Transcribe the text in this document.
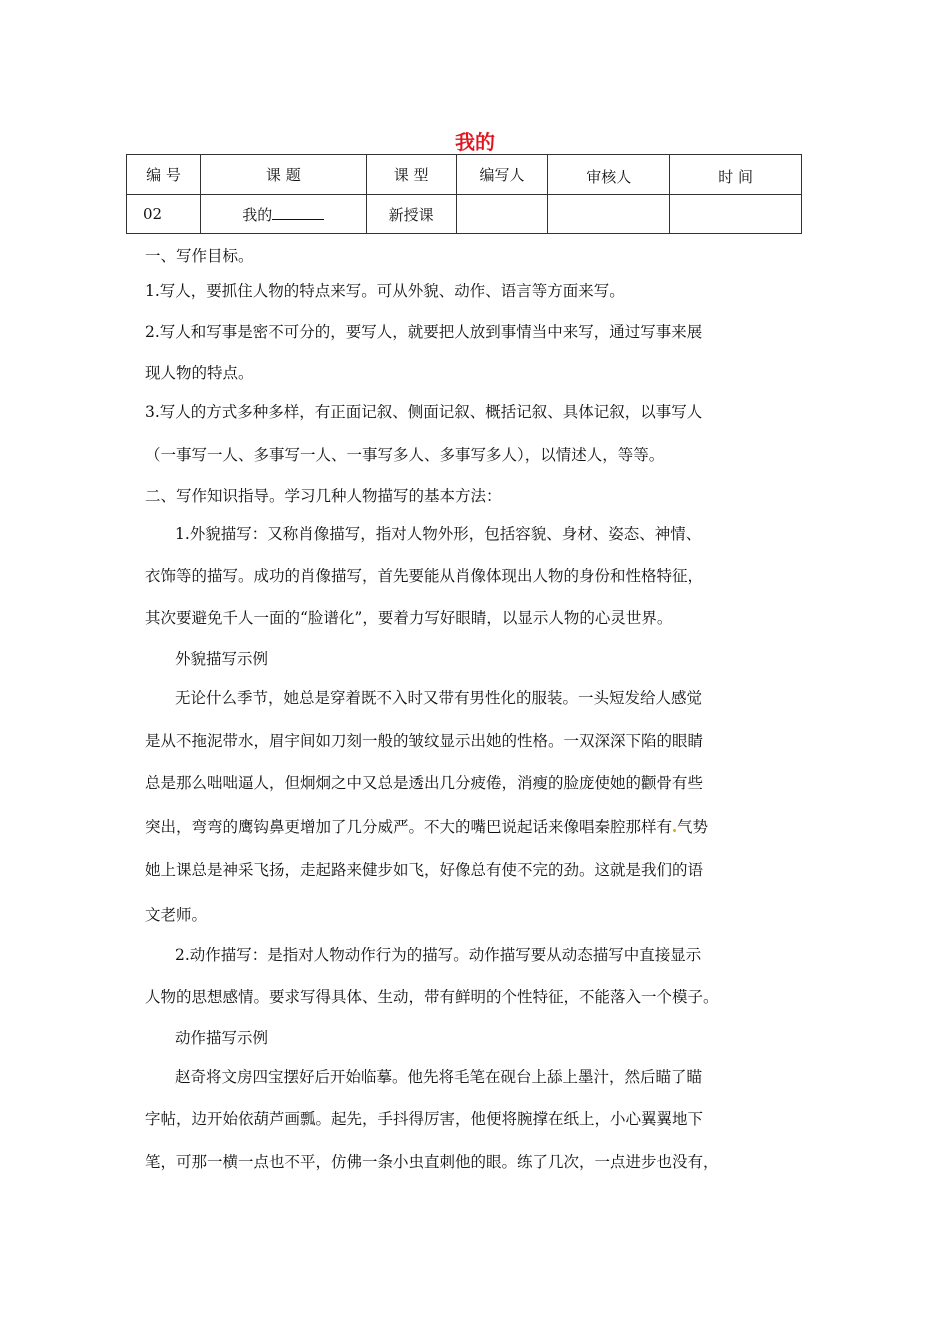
我的
编 号	课 题	课 型	编写人	审核人	时 间
02	我的	新授课			
一、写作目标。
1.写人，要抓住人物的特点来写。可从外貌、动作、语言等方面来写。
2.写人和写事是密不可分的，要写人，就要把人放到事情当中来写，通过写事来展
现人物的特点。
3.写人的方式多种多样，有正面记叙、侧面记叙、概括记叙、具体记叙，以事写人
（一事写一人、多事写一人、一事写多人、多事写多人），以情述人，等等。
二、写作知识指导。学习几种人物描写的基本方法：
1.外貌描写：又称肖像描写，指对人物外形，包括容貌、身材、姿态、神情、
衣饰等的描写。成功的肖像描写，首先要能从肖像体现出人物的身份和性格特征，
其次要避免千人一面的“脸谱化”，要着力写好眼睛，以显示人物的心灵世界。
外貌描写示例
无论什么季节，她总是穿着既不入时又带有男性化的服装。一头短发给人感觉
是从不拖泥带水，眉宇间如刀刻一般的皱纹显示出她的性格。一双深深下陷的眼睛
总是那么咄咄逼人，但炯炯之中又总是透出几分疲倦，消瘦的脸庞使她的颧骨有些
突出，弯弯的鹰钩鼻更增加了几分威严。不大的嘴巴说起话来像唱秦腔那样有 气势
她上课总是神采飞扬，走起路来健步如飞，好像总有使不完的劲。这就是我们的语
文老师。
2.动作描写：是指对人物动作行为的描写。动作描写要从动态描写中直接显示
人物的思想感情。要求写得具体、生动，带有鲜明的个性特征，不能落入一个模子。
动作描写示例
赵奇将文房四宝摆好后开始临摹。他先将毛笔在砚台上舔上墨汁，然后瞄了瞄
字帖，边开始依葫芦画瓢。起先，手抖得厉害，他便将腕撑在纸上，小心翼翼地下
笔，可那一横一点也不平，仿佛一条小虫直刺他的眼。练了几次，一点进步也没有，
